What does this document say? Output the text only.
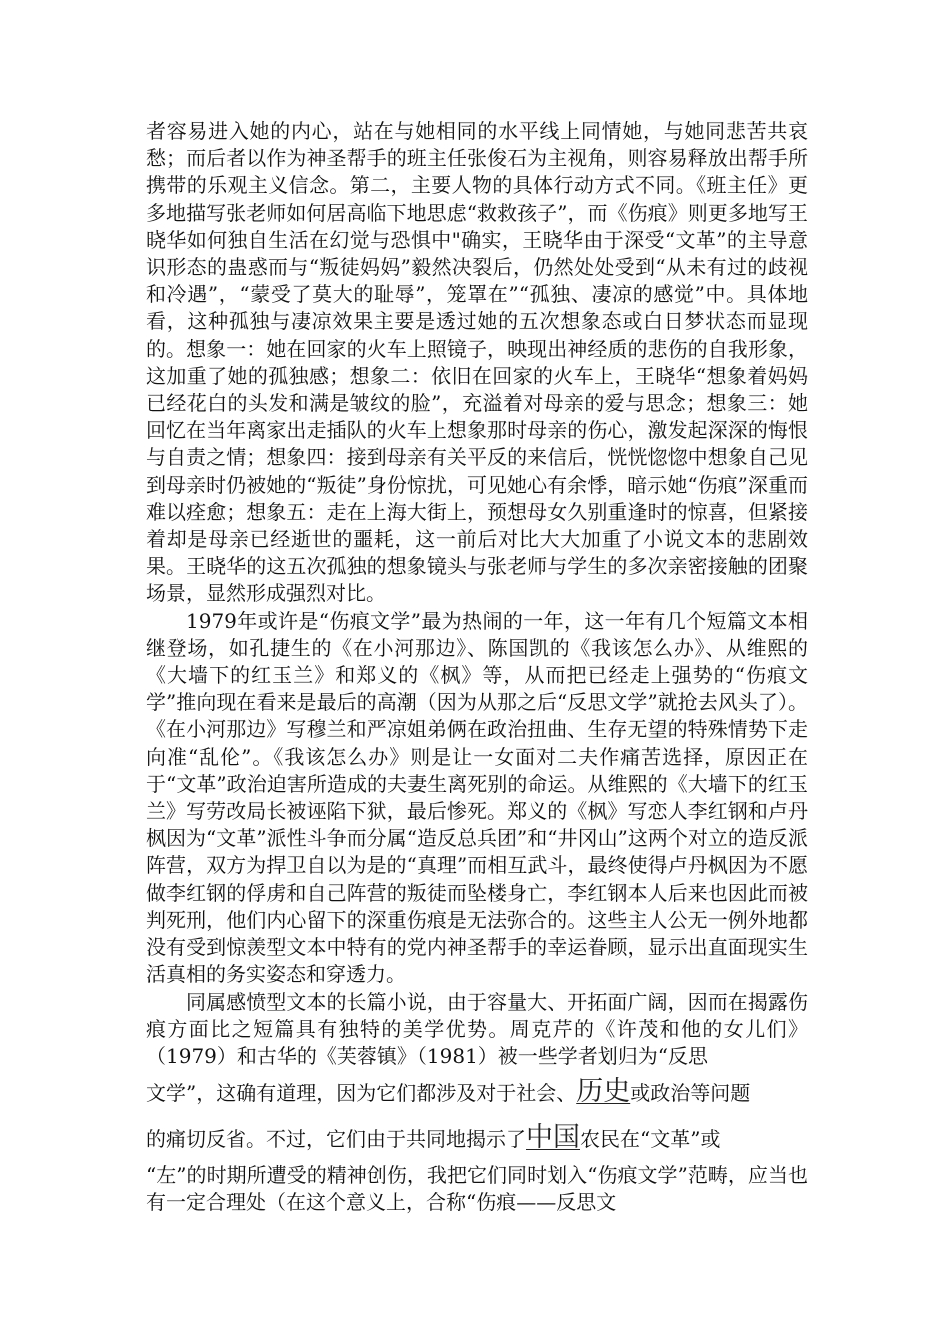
者容易进入她的内心，站在与她相同的水平线上同情她，与她同悲苦共哀愁；而后者以作为神圣帮手的班主任张俊石为主视角，则容易释放出帮手所携带的乐观主义信念。第二，主要人物的具体行动方式不同。《班主任》更多地描写张老师如何居高临下地思虑“救救孩子”，而《伤痕》则更多地写王晓华如何独自生活在幻觉与恐惧中"确实，王晓华由于深受“文革”的主导意识形态的蛊惑而与“叛徒妈妈”毅然决裂后，仍然处处受到“从未有过的歧视和冷遇”，“蒙受了莫大的耻辱”，笼罩在”“孤独、凄凉的感觉”中。具体地看，这种孤独与凄凉效果主要是透过她的五次想象态或白日梦状态而显现的。想象一：她在回家的火车上照镜子，映现出神经质的悲伤的自我形象，这加重了她的孤独感；想象二：依旧在回家的火车上，王晓华“想象着妈妈已经花白的头发和满是皱纹的脸”，充溢着对母亲的爱与思念；想象三：她回忆在当年离家出走插队的火车上想象那时母亲的伤心，激发起深深的悔恨与自责之情；想象四：接到母亲有关平反的来信后，恍恍惚惚中想象自己见到母亲时仍被她的“叛徒”身份惊扰，可见她心有余悸，暗示她“伤痕”深重而难以痊愈；想象五：走在上海大街上，预想母女久别重逢时的惊喜，但紧接着却是母亲已经逝世的噩耗，这一前后对比大大加重了小说文本的悲剧效果。王晓华的这五次孤独的想象镜头与张老师与学生的多次亲密接触的团聚场景，显然形成强烈对比。

1979年或许是“伤痕文学”最为热闹的一年，这一年有几个短篇文本相继登场，如孔捷生的《在小河那边》、陈国凯的《我该怎么办》、从维熙的《大墙下的红玉兰》和郑义的《枫》等，从而把已经走上强势的“伤痕文学”推向现在看来是最后的高潮（因为从那之后“反思文学”就抢去风头了）。《在小河那边》写穆兰和严凉姐弟俩在政治扭曲、生存无望的特殊情势下走向准“乱伦”。《我该怎么办》则是让一女面对二夫作痛苦选择，原因正在于“文革”政治迫害所造成的夫妻生离死别的命运。从维熙的《大墙下的红玉兰》写劳改局长被诬陷下狱，最后惨死。郑义的《枫》写恋人李红钢和卢丹枫因为“文革”派性斗争而分属“造反总兵团”和“井冈山”这两个对立的造反派阵营，双方为捍卫自以为是的“真理”而相互武斗，最终使得卢丹枫因为不愿做李红钢的俘虏和自己阵营的叛徒而坠楼身亡，李红钢本人后来也因此而被判死刑，他们内心留下的深重伤痕是无法弥合的。这些主人公无一例外地都没有受到惊羡型文本中特有的党内神圣帮手的幸运眷顾，显示出直面现实生活真相的务实姿态和穿透力。

同属感愤型文本的长篇小说，由于容量大、开拓面广阔，因而在揭露伤痕方面比之短篇具有独特的美学优势。周克芹的《许茂和他的女儿们》（1979）和古华的《芙蓉镇》（1981）被一些学者划归为“反思

文学”，这确有道理，因为它们都涉及对于社会、历史或政治等问题

的痛切反省。不过，它们由于共同地揭示了中国农民在“文革”或

“左”的时期所遭受的精神创伤，我把它们同时划入“伤痕文学”范畴，应当也有一定合理处（在这个意义上，合称“伤痕——反思文
